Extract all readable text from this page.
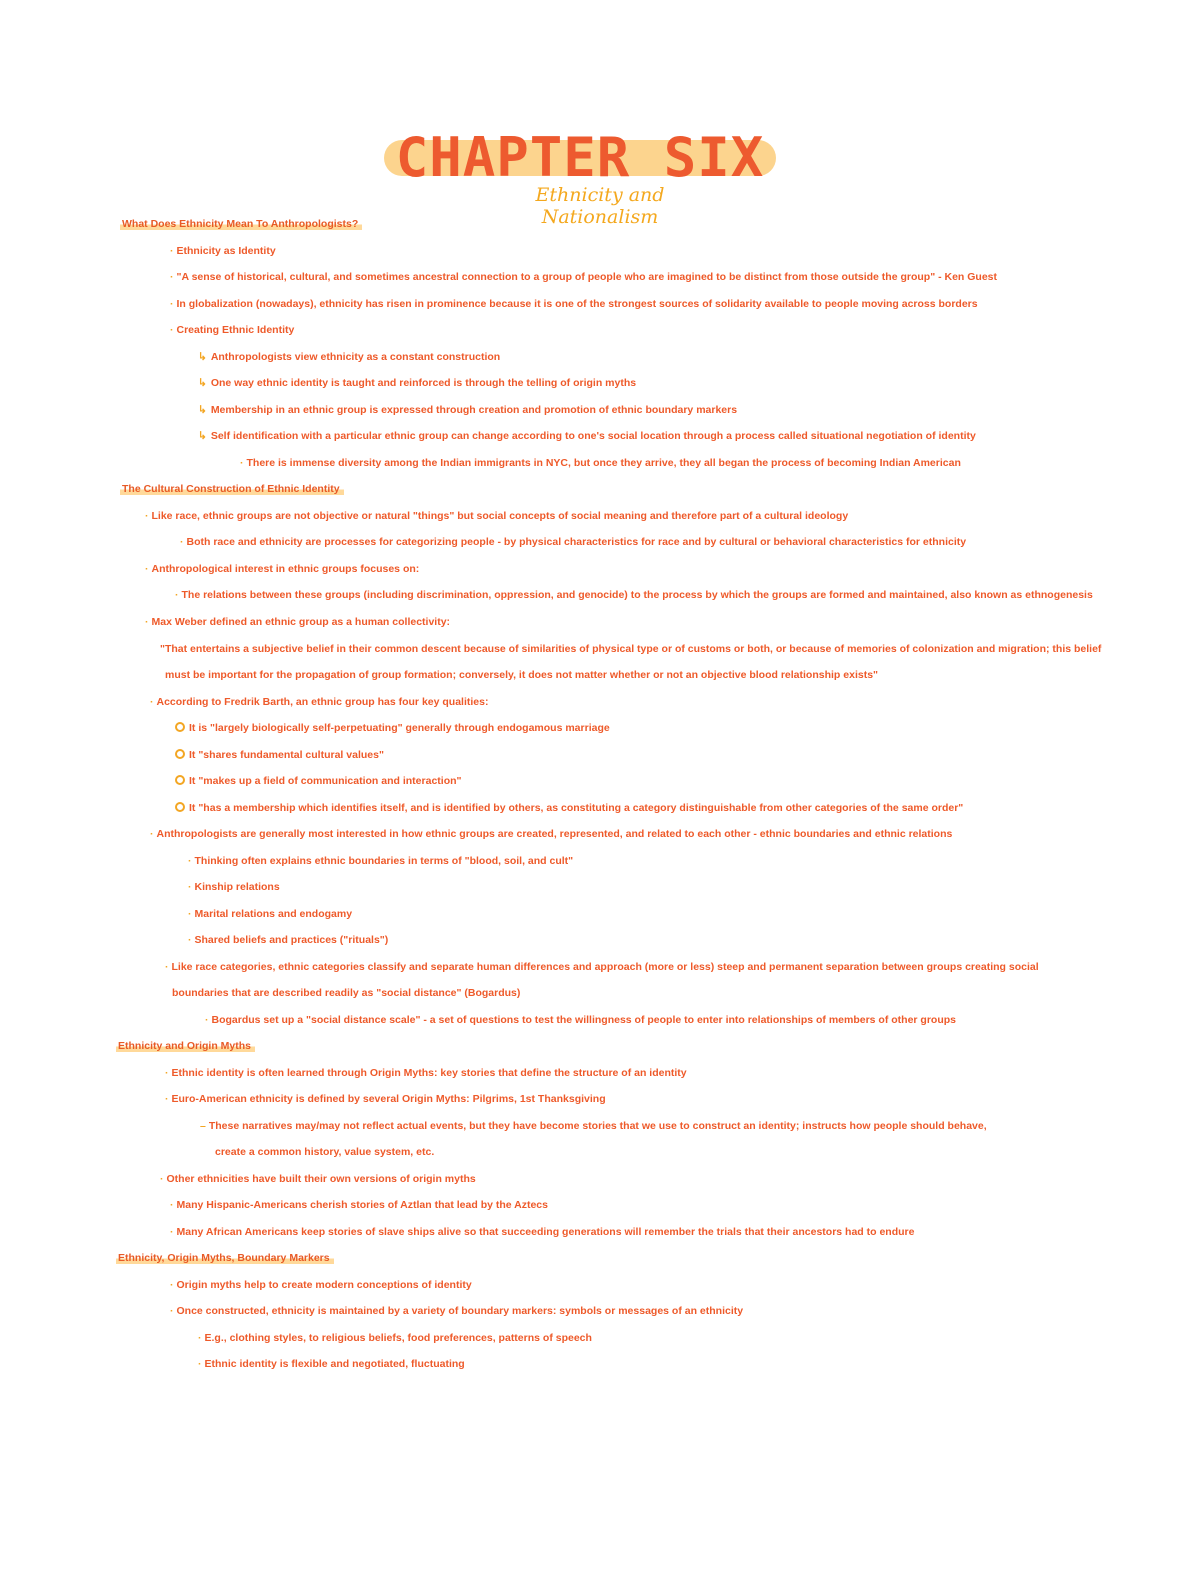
CHAPTER SIX
Ethnicity and Nationalism
What Does Ethnicity Mean To Anthropologists?
· Ethnicity as Identity
· "A sense of historical, cultural, and sometimes ancestral connection to a group of people who are imagined to be distinct from those outside the group" - Ken Guest
· In globalization (nowadays), ethnicity has risen in prominence because it is one of the strongest sources of solidarity available to people moving across borders
· Creating Ethnic Identity
↳ Anthropologists view ethnicity as a constant construction
↳ One way ethnic identity is taught and reinforced is through the telling of origin myths
↳ Membership in an ethnic group is expressed through creation and promotion of ethnic boundary markers
↳ Self identification with a particular ethnic group can change according to one's social location through a process called situational negotiation of identity
· There is immense diversity among the Indian immigrants in NYC, but once they arrive, they all began the process of becoming Indian American
The Cultural Construction of Ethnic Identity
· Like race, ethnic groups are not objective or natural "things" but social concepts of social meaning and therefore part of a cultural ideology
· Both race and ethnicity are processes for categorizing people - by physical characteristics for race and by cultural or behavioral characteristics for ethnicity
· Anthropological interest in ethnic groups focuses on:
· The relations between these groups (including discrimination, oppression, and genocide) to the process by which the groups are formed and maintained, also known as ethnogenesis
· Max Weber defined an ethnic group as a human collectivity:
"That entertains a subjective belief in their common descent because of similarities of physical type or of customs or both, or because of memories of colonization and migration; this belief
must be important for the propagation of group formation; conversely, it does not matter whether or not an objective blood relationship exists"
· According to Fredrik Barth, an ethnic group has four key qualities:
It is "largely biologically self-perpetuating" generally through endogamous marriage
It "shares fundamental cultural values"
It "makes up a field of communication and interaction"
It "has a membership which identifies itself, and is identified by others, as constituting a category distinguishable from other categories of the same order"
· Anthropologists are generally most interested in how ethnic groups are created, represented, and related to each other - ethnic boundaries and ethnic relations
· Thinking often explains ethnic boundaries in terms of "blood, soil, and cult"
· Kinship relations
· Marital relations and endogamy
· Shared beliefs and practices ("rituals")
· Like race categories, ethnic categories classify and separate human differences and approach (more or less) steep and permanent separation between groups creating social
boundaries that are described readily as "social distance" (Bogardus)
· Bogardus set up a "social distance scale" - a set of questions to test the willingness of people to enter into relationships of members of other groups
Ethnicity and Origin Myths
· Ethnic identity is often learned through Origin Myths: key stories that define the structure of an identity
· Euro-American ethnicity is defined by several Origin Myths: Pilgrims, 1st Thanksgiving
– These narratives may/may not reflect actual events, but they have become stories that we use to construct an identity; instructs how people should behave,
create a common history, value system, etc.
· Other ethnicities have built their own versions of origin myths
· Many Hispanic-Americans cherish stories of Aztlan that lead by the Aztecs
· Many African Americans keep stories of slave ships alive so that succeeding generations will remember the trials that their ancestors had to endure
Ethnicity, Origin Myths, Boundary Markers
· Origin myths help to create modern conceptions of identity
· Once constructed, ethnicity is maintained by a variety of boundary markers: symbols or messages of an ethnicity
· E.g., clothing styles, to religious beliefs, food preferences, patterns of speech
· Ethnic identity is flexible and negotiated, fluctuating
